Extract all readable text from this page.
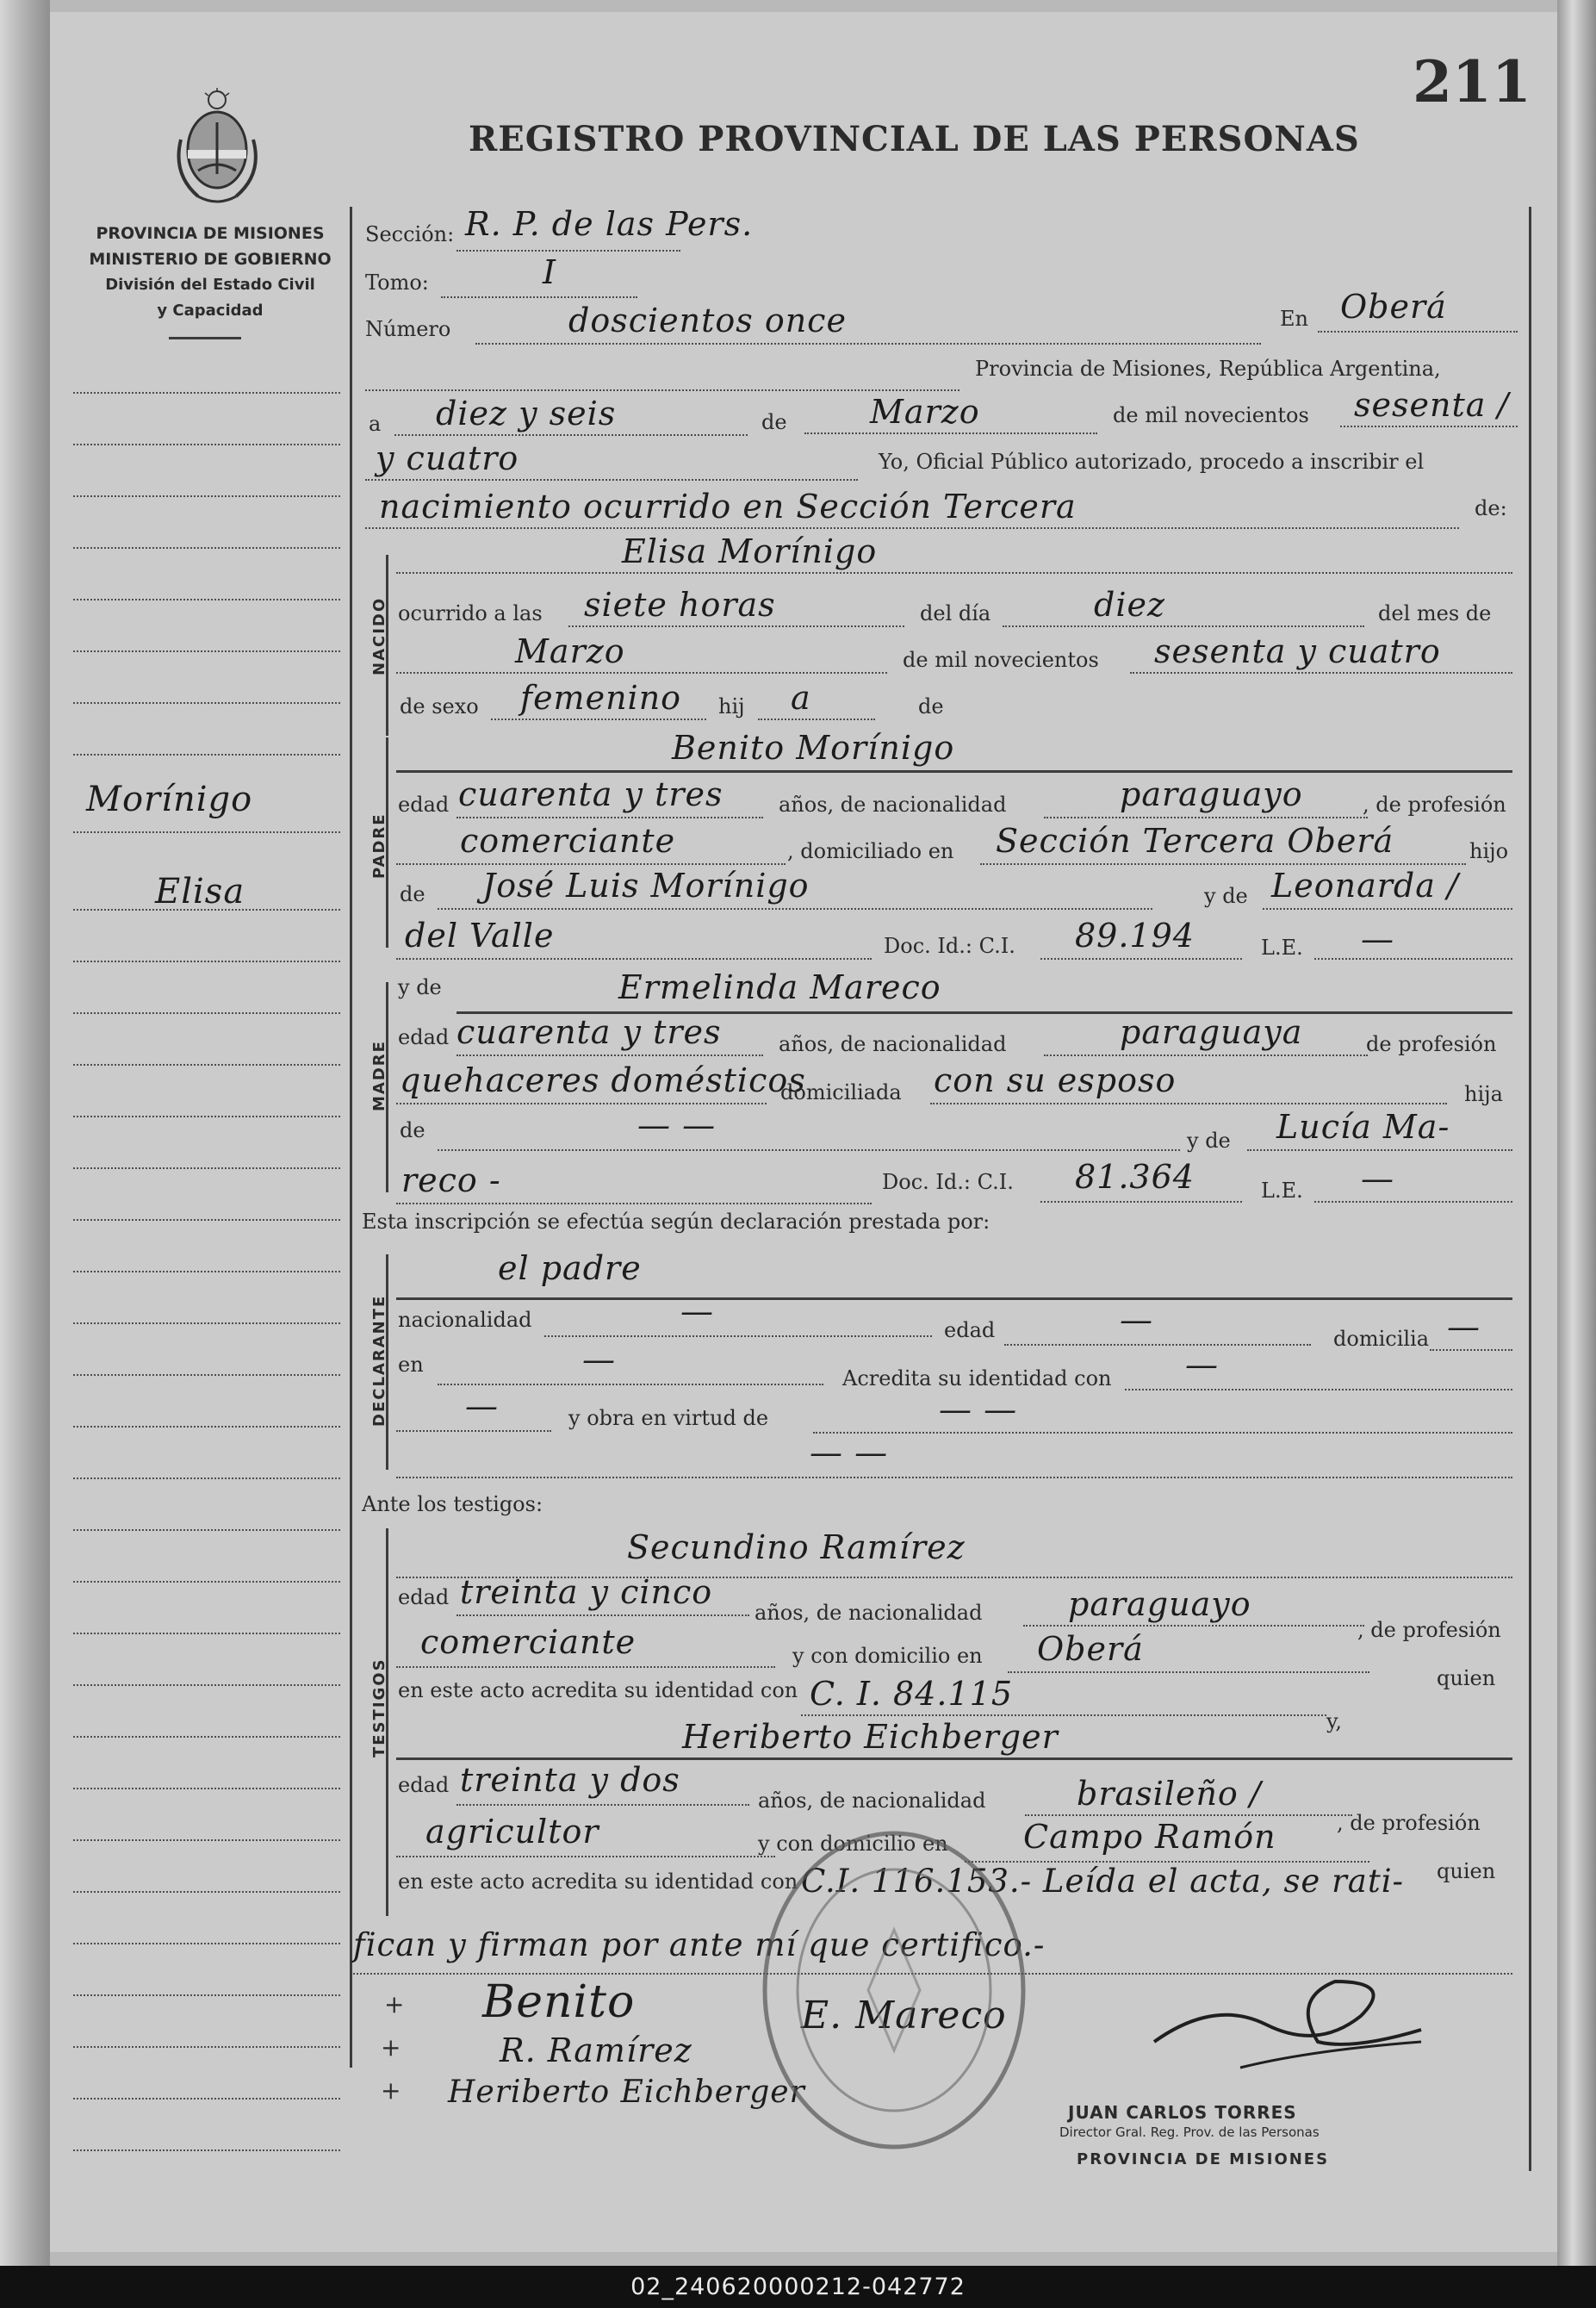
PROVINCIA DE MISIONES
MINISTERIO DE GOBIERNO
División del Estado Civil
y Capacidad
REGISTRO PROVINCIAL DE LAS PERSONAS
211
Morínigo
Elisa
Sección: R. P. de las Pers.
Tomo:	I
Número	doscientos once	En Oberá
Provincia de Misiones, República Argentina,
a diez y seis	de	Marzo	de mil novecientos sesenta /
y cuatro	Yo, Oficial Público autorizado, procedo a inscribir el
nacimiento ocurrido en Sección Tercera	de:
NACIDO
Elisa Morínigo
ocurrido a las siete horas	del día	diez	del mes de
Marzo	de mil novecientos sesenta y cuatro
de sexo femenino hij a	de
PADRE
Benito Morínigo
edad cuarenta y tres	años, de nacionalidad	paraguayo	, de profesión
comerciante	, domiciliado en Sección Tercera Oberá	hijo
de José Luis Morínigo	y de Leonarda /
del Valle	Doc. Id.: C.I. 89.194	L.E. —
MADRE
y de	Ermelinda Mareco
edad cuarenta y tres	años, de nacionalidad	paraguaya	de profesión
quehaceres domésticos
domiciliada con su esposo	hija
de	— —	y de Lucía Ma-
reco -	Doc. Id.: C.I. 81.364	L.E. —
Esta inscripción se efectúa según declaración prestada por:
DECLARANTE
el padre
nacionalidad	—	edad	—	domicilia —
en	—	Acredita su identidad con —
—	y obra en virtud de	— —
— —
Ante los testigos:
TESTIGOS
Secundino Ramírez
edad treinta y cinco
años, de nacionalidad	paraguayo
, de profesión
comerciante	y con domicilio en Oberá
quien
en este acto acredita su identidad con C. I. 84.115
y,
Heriberto Eichberger
edad treinta y dos
años, de nacionalidad	brasileño /
, de profesión
agricultor	y con domicilio en Campo Ramón
quien
en este acto acredita su identidad con C.I. 116.153.- Leída el acta, se rati-
fican y firman por ante mí que certifico.-
+
+
+
Benito	E. Mareco
R. Ramírez
Heriberto Eichberger
JUAN CARLOS TORRES
Director Gral. Reg. Prov. de las Personas
PROVINCIA DE MISIONES
02_240620000212-042772
